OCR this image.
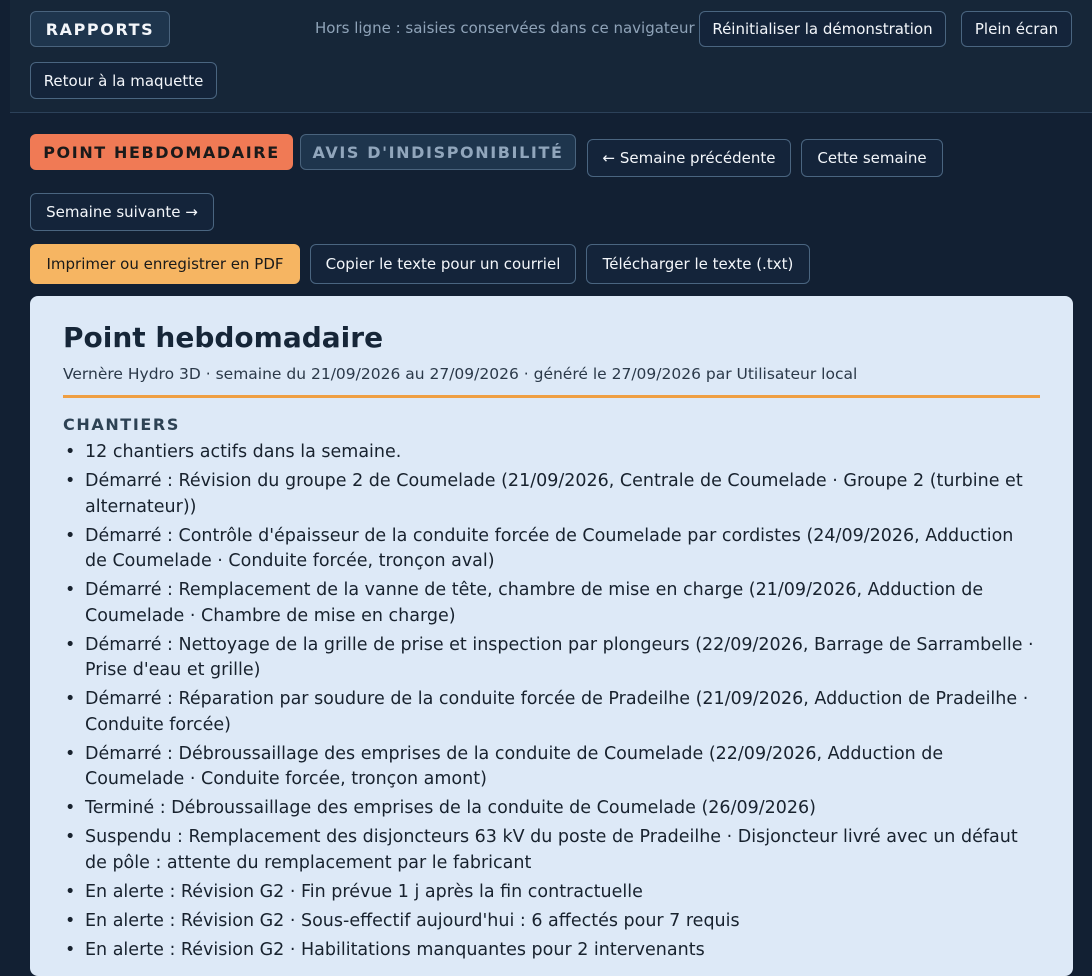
RAPPORTS	Hors ligne : saisies conservées dans ce navigateur	Réinitialiser la démonstration	Plein écran
Retour à la maquette
POINT HEBDOMADAIRE	AVIS D'INDISPONIBILITÉ	← Semaine précédente	Cette semaine
Semaine suivante →
Imprimer ou enregistrer en PDF	Copier le texte pour un courriel	Télécharger le texte (.txt)
Point hebdomadaire
Vernère Hydro 3D · semaine du 21/09/2026 au 27/09/2026 · généré le 27/09/2026 par Utilisateur local
CHANTIERS
• 12 chantiers actifs dans la semaine.
• Démarré : Révision du groupe 2 de Coumelade (21/09/2026, Centrale de Coumelade · Groupe 2 (turbine et alternateur))
• Démarré : Contrôle d'épaisseur de la conduite forcée de Coumelade par cordistes (24/09/2026, Adduction de Coumelade · Conduite forcée, tronçon aval)
• Démarré : Remplacement de la vanne de tête, chambre de mise en charge (21/09/2026, Adduction de Coumelade · Chambre de mise en charge)
• Démarré : Nettoyage de la grille de prise et inspection par plongeurs (22/09/2026, Barrage de Sarrambelle · Prise d'eau et grille)
• Démarré : Réparation par soudure de la conduite forcée de Pradeilhe (21/09/2026, Adduction de Pradeilhe · Conduite forcée)
• Démarré : Débroussaillage des emprises de la conduite de Coumelade (22/09/2026, Adduction de Coumelade · Conduite forcée, tronçon amont)
• Terminé : Débroussaillage des emprises de la conduite de Coumelade (26/09/2026)
• Suspendu : Remplacement des disjoncteurs 63 kV du poste de Pradeilhe · Disjoncteur livré avec un défaut de pôle : attente du remplacement par le fabricant
• En alerte : Révision G2 · Fin prévue 1 j après la fin contractuelle
• En alerte : Révision G2 · Sous-effectif aujourd'hui : 6 affectés pour 7 requis
• En alerte : Révision G2 · Habilitations manquantes pour 2 intervenants
